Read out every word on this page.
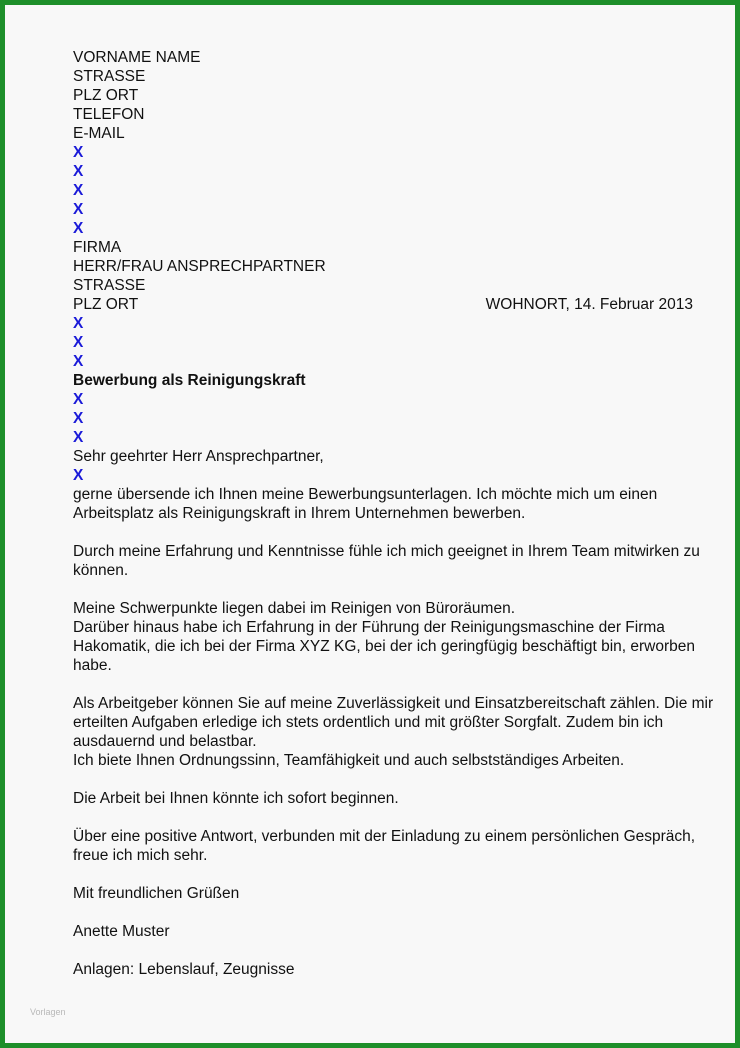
VORNAME NAME
STRASSE
PLZ ORT
TELEFON
E-MAIL
X
X
X
X
X
FIRMA
HERR/FRAU ANSPRECHPARTNER
STRASSE
PLZ ORT	WOHNORT, 14. Februar 2013
X
X
X
Bewerbung als Reinigungskraft
X
X
X
Sehr geehrter Herr Ansprechpartner,
X
gerne übersende ich Ihnen meine Bewerbungsunterlagen. Ich möchte mich um einen
Arbeitsplatz als Reinigungskraft in Ihrem Unternehmen bewerben.
Durch meine Erfahrung und Kenntnisse fühle ich mich geeignet in Ihrem Team mitwirken zu
können.
Meine Schwerpunkte liegen dabei im Reinigen von Büroräumen.
Darüber hinaus habe ich Erfahrung in der Führung der Reinigungsmaschine der Firma
Hakomatik, die ich bei der Firma XYZ KG, bei der ich geringfügig beschäftigt bin, erworben
habe.
Als Arbeitgeber können Sie auf meine Zuverlässigkeit und Einsatzbereitschaft zählen. Die mir
erteilten Aufgaben erledige ich stets ordentlich und mit größter Sorgfalt. Zudem bin ich
ausdauernd und belastbar.
Ich biete Ihnen Ordnungssinn, Teamfähigkeit und auch selbstständiges Arbeiten.
Die Arbeit bei Ihnen könnte ich sofort beginnen.
Über eine positive Antwort, verbunden mit der Einladung zu einem persönlichen Gespräch,
freue ich mich sehr.
Mit freundlichen Grüßen
Anette Muster
Anlagen: Lebenslauf, Zeugnisse
Vorlagen
